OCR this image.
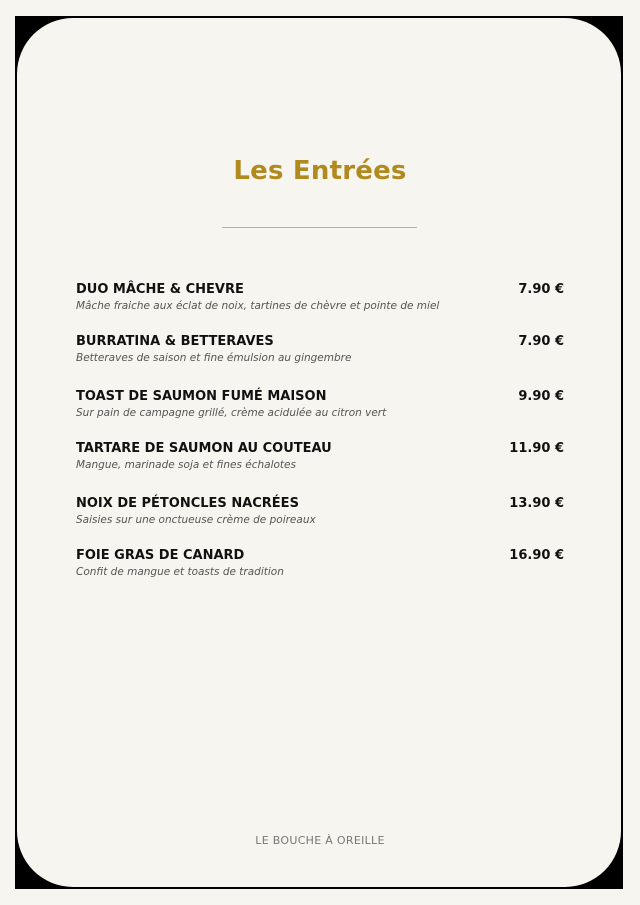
Les Entrées
DUO MÂCHE & CHEVRE	7.90 €
Mâche fraiche aux éclat de noix, tartines de chèvre et pointe de miel
BURRATINA & BETTERAVES	7.90 €
Betteraves de saison et fine émulsion au gingembre
TOAST DE SAUMON FUMÉ MAISON	9.90 €
Sur pain de campagne grillé, crème acidulée au citron vert
TARTARE DE SAUMON AU COUTEAU	11.90 €
Mangue, marinade soja et fines échalotes
NOIX DE PÉTONCLES NACRÉES	13.90 €
Saisies sur une onctueuse crème de poireaux
FOIE GRAS DE CANARD	16.90 €
Confit de mangue et toasts de tradition
LE BOUCHE À OREILLE
